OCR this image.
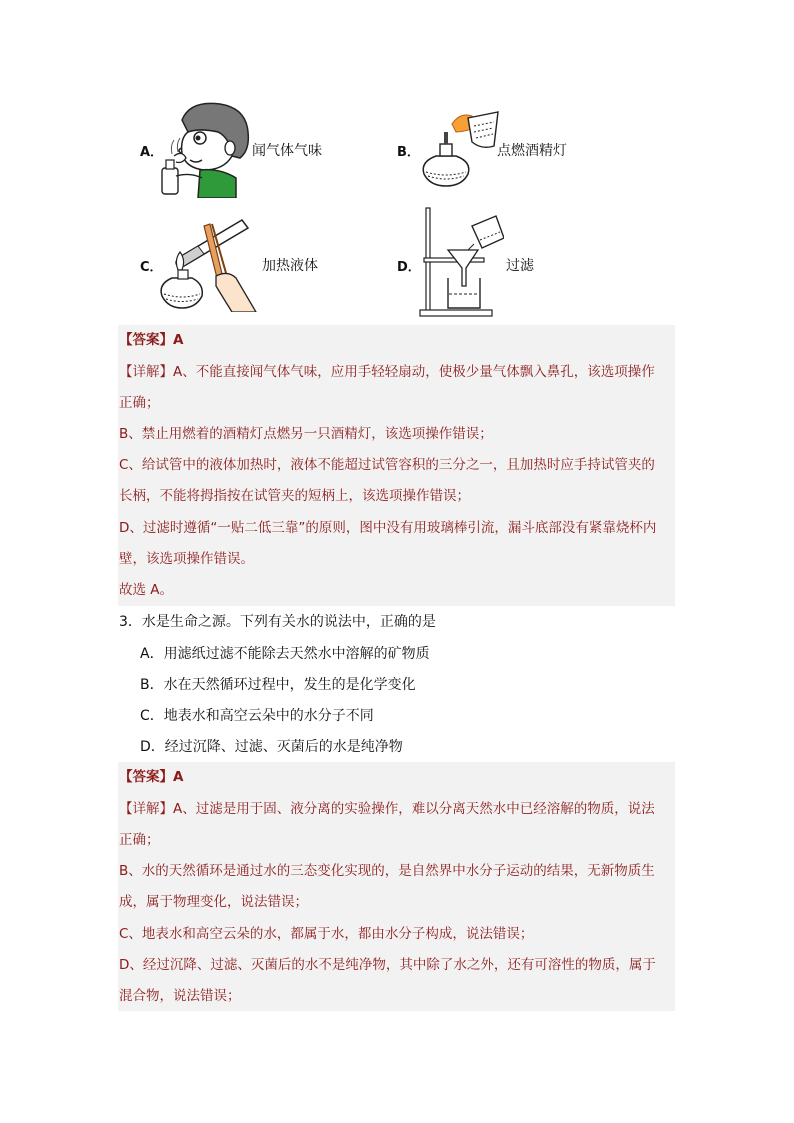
A．	闻气体气味	B．	点燃酒精灯
C．	加热液体	D．	过滤
【答案】A
【详解】A、不能直接闻气体气味，应用手轻轻扇动，使极少量气体飘入鼻孔，该选项操作
正确；
B、禁止用燃着的酒精灯点燃另一只酒精灯，该选项操作错误；
C、给试管中的液体加热时，液体不能超过试管容积的三分之一，且加热时应手持试管夹的
长柄，不能将拇指按在试管夹的短柄上，该选项操作错误；
D、过滤时遵循“一贴二低三靠”的原则，图中没有用玻璃棒引流，漏斗底部没有紧靠烧杯内
壁，该选项操作错误。
故选 A。
3．水是生命之源。下列有关水的说法中，正确的是
A．用滤纸过滤不能除去天然水中溶解的矿物质
B．水在天然循环过程中，发生的是化学变化
C．地表水和高空云朵中的水分子不同
D．经过沉降、过滤、灭菌后的水是纯净物
【答案】A
【详解】A、过滤是用于固、液分离的实验操作，难以分离天然水中已经溶解的物质，说法
正确；
B、水的天然循环是通过水的三态变化实现的，是自然界中水分子运动的结果，无新物质生
成，属于物理变化，说法错误；
C、地表水和高空云朵的水，都属于水，都由水分子构成，说法错误；
D、经过沉降、过滤、灭菌后的水不是纯净物，其中除了水之外，还有可溶性的物质，属于
混合物，说法错误；
